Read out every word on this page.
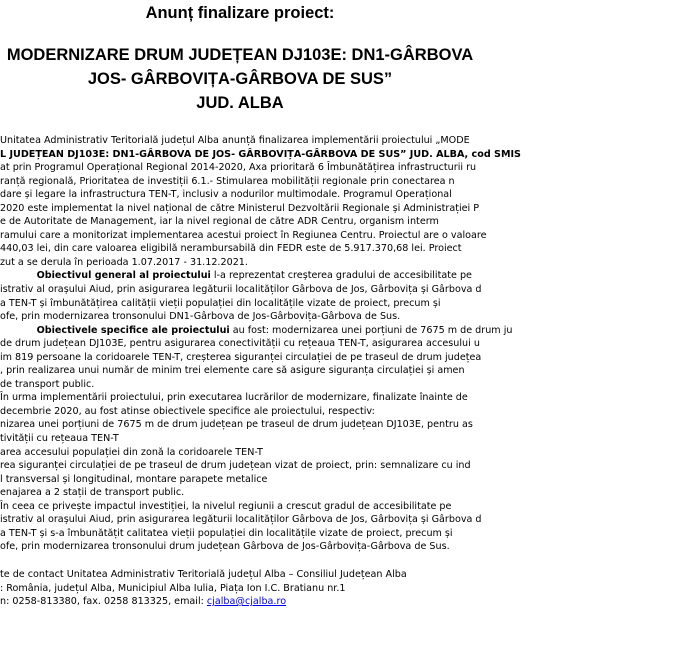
Anunț finalizare proiect:
MODERNIZARE DRUM JUDEȚEAN DJ103E: DN1-GÂRBOVA
JOS- GÂRBOVIȚA-GÂRBOVA DE SUS”
JUD. ALBA
Unitatea Administrativ Teritorială județul Alba anunță finalizarea implementării proiectului „MODE
L JUDEȚEAN DJ103E: DN1-GÂRBOVA DE JOS- GÂRBOVIȚA-GÂRBOVA DE SUS” JUD. ALBA, cod SMIS
at prin Programul Operațional Regional 2014-2020, Axa prioritară 6 Îmbunătățirea infrastructurii ru
ranță regională, Prioritatea de investiții 6.1.- Stimularea mobilității regionale prin conectarea n
dare și legare la infrastructura TEN-T, inclusiv a nodurilor multimodale. Programul Operațional
2020 este implementat la nivel național de către Ministerul Dezvoltării Regionale și Administrației P
e de Autoritate de Management, iar la nivel regional de către ADR Centru, organism interm
ramului care a monitorizat implementarea acestui proiect în Regiunea Centru. Proiectul are o valoare
440,03 lei, din care valoarea eligibilă nerambursabilă din FEDR este de 5.917.370,68 lei. Proiect
zut a se derula în perioada 1.07.2017 - 31.12.2021.
Obiectivul general al proiectului l-a reprezentat creșterea gradului de accesibilitate pe
istrativ al orașului Aiud, prin asigurarea legăturii localităților Gârbova de Jos, Gârbovița și Gârbova d
a TEN-T și îmbunătățirea calității vieții populației din localitățile vizate de proiect, precum și
ofe, prin modernizarea tronsonului DN1-Gârbova de Jos-Gârbovița-Gârbova de Sus.
Obiectivele specifice ale proiectului au fost: modernizarea unei porțiuni de 7675 m de drum ju
de drum județean DJ103E, pentru asigurarea conectivității cu rețeaua TEN-T, asigurarea accesului u
im 819 persoane la coridoarele TEN-T, creșterea siguranței circulației de pe traseul de drum județea
, prin realizarea unui număr de minim trei elemente care să asigure siguranța circulației și amen
de transport public.
În urma implementării proiectului, prin executarea lucrărilor de modernizare, finalizate înainte de
decembrie 2020, au fost atinse obiectivele specifice ale proiectului, respectiv:
nizarea unei porțiuni de 7675 m de drum județean pe traseul de drum județean DJ103E, pentru as
tivității cu rețeaua TEN-T
area accesului populației din zonă la coridoarele TEN-T
rea siguranței circulației de pe traseul de drum județean vizat de proiect, prin: semnalizare cu ind
l transversal și longitudinal, montare parapete metalice
enajarea a 2 stații de transport public.
În ceea ce privește impactul investiției, la nivelul regiunii a crescut gradul de accesibilitate pe
istrativ al orașului Aiud, prin asigurarea legăturii localităților Gârbova de Jos, Gârbovița și Gârbova d
a TEN-T și s-a îmbunătățit calitatea vieții populației din localitățile vizate de proiect, precum și
ofe, prin modernizarea tronsonului drum județean Gârbova de Jos-Gârbovița-Gârbova de Sus.
te de contact Unitatea Administrativ Teritorială județul Alba – Consiliul Județean Alba
: România, județul Alba, Municipiul Alba Iulia, Piața Ion I.C. Bratianu nr.1
n: 0258-813380, fax. 0258 813325, email: cjalba@cjalba.ro
